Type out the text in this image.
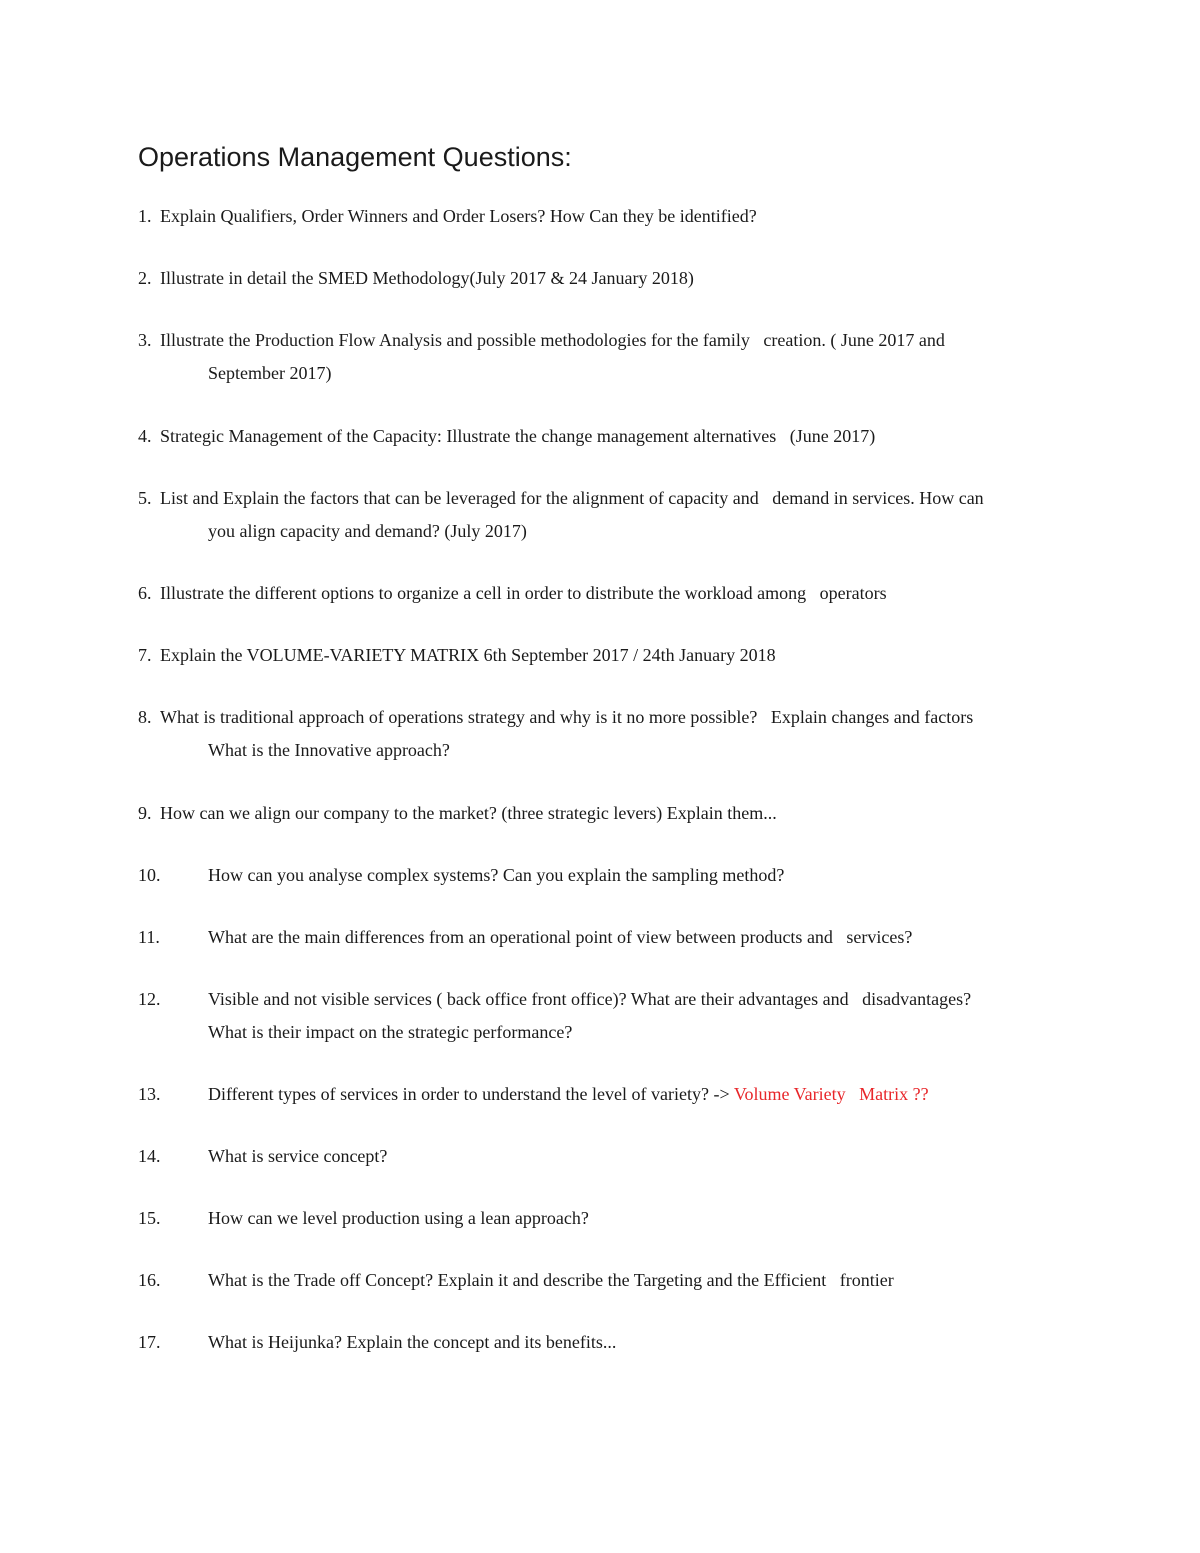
Operations Management Questions:

1.

Explain Qualifiers, Order Winners and Order Losers? How Can they be identified?

2.

Illustrate in detail the SMED Methodology(July 2017 & 24 January 2018)

3.

Illustrate the Production Flow Analysis and possible methodologies for the family   creation. ( June 2017 and

September 2017)

4.

Strategic Management of the Capacity: Illustrate the change management alternatives   (June 2017)

5.

List and Explain the factors that can be leveraged for the alignment of capacity and   demand in services. How can

you align capacity and demand? (July 2017)

6.

Illustrate the different options to organize a cell in order to distribute the workload among   operators

7.

Explain the VOLUME-VARIETY MATRIX 6th September 2017 / 24th January 2018

8.

What is traditional approach of operations strategy and why is it no more possible?   Explain changes and factors

What is the Innovative approach?

9.

How can we align our company to the market? (three strategic levers) Explain them...

10.

	How can you analyse complex systems? Can you explain the sampling method?

11.

	What are the main differences from an operational point of view between products and   services?

12.

	Visible and not visible services ( back office front office)? What are their advantages and   disadvantages?

What is their impact on the strategic performance?

13.

	Different types of services in order to understand the level of variety? -> Volume Variety   Matrix ??

14.

	What is service concept?

15.

	How can we level production using a lean approach?

16.

	What is the Trade off Concept? Explain it and describe the Targeting and the Efficient   frontier

17.

	What is Heijunka? Explain the concept and its benefits...
